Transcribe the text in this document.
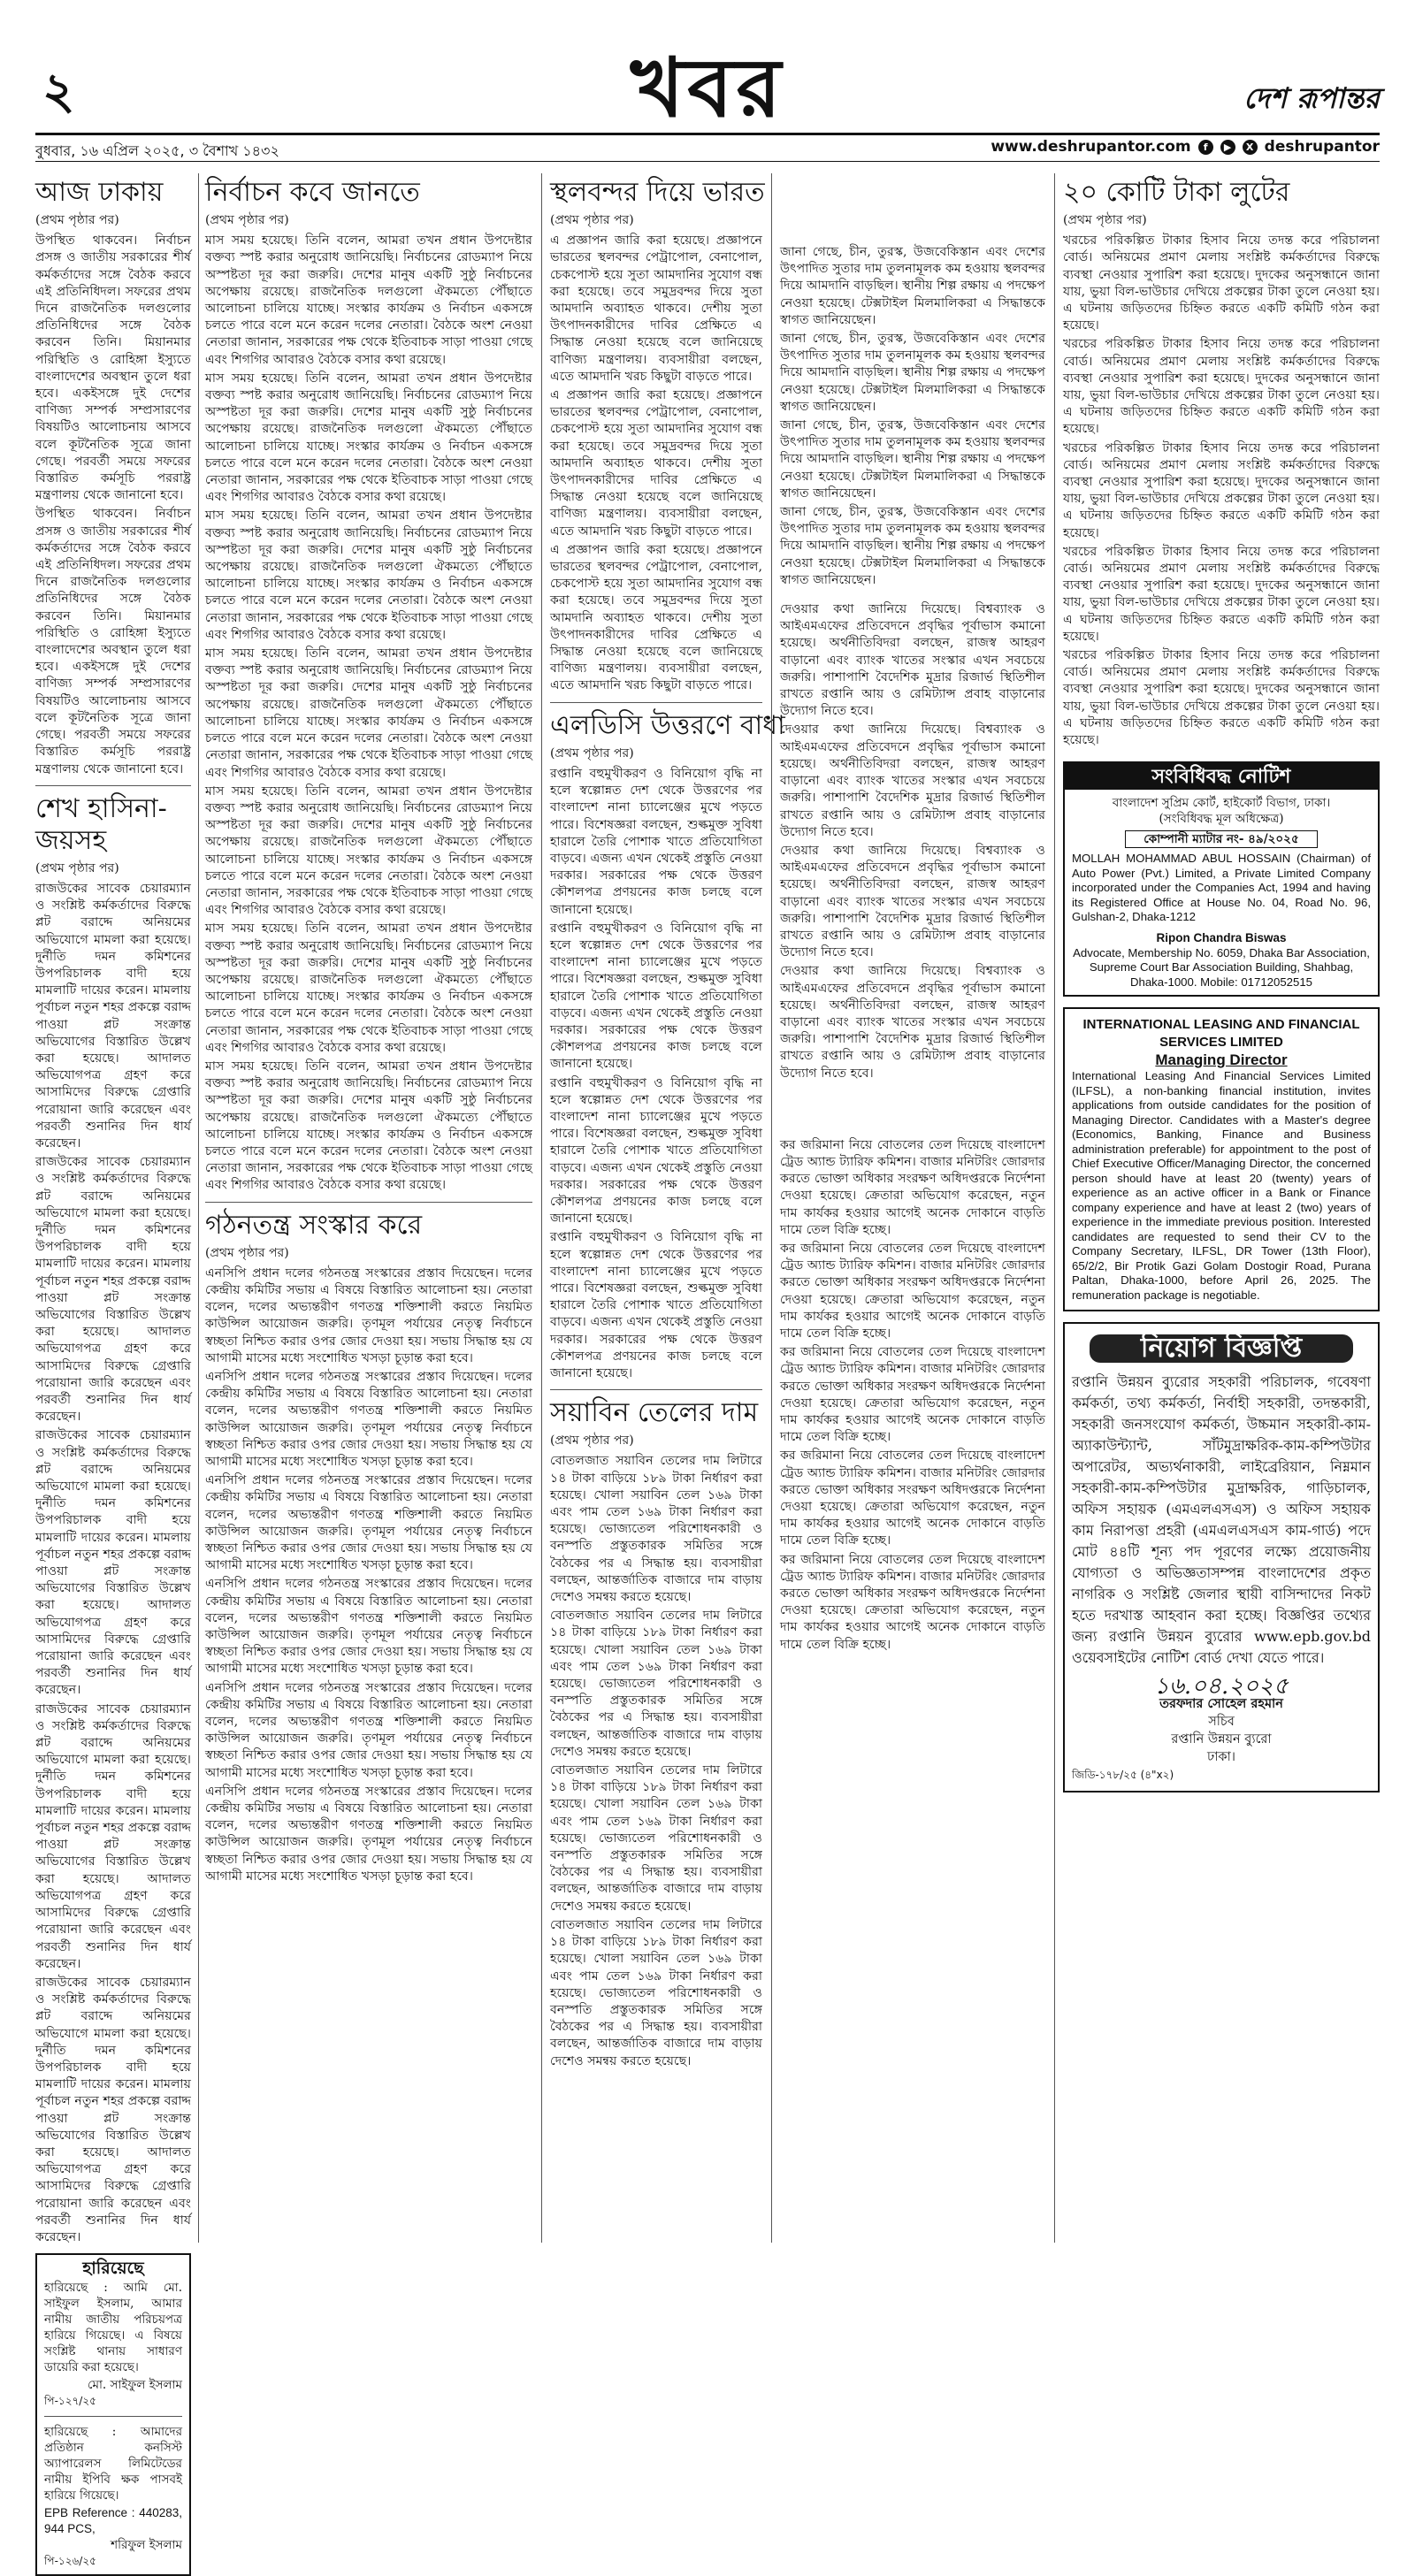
২	খবর	দেশ রূপান্তর
বুধবার, ১৬ এপ্রিল ২০২৫, ৩ বৈশাখ ১৪৩২	www.deshrupantor.com	f	▶	X deshrupantor
আজ ঢাকায়
(প্রথম পৃষ্ঠার পর)

উপস্থিত থাকবেন। নির্বাচন প্রসঙ্গ ও জাতীয় সরকারের শীর্ষ কর্মকর্তাদের সঙ্গে বৈঠক করবে এই প্রতিনিধিদল। সফরের প্রথম দিনে রাজনৈতিক দলগুলোর প্রতিনিধিদের সঙ্গে বৈঠক করবেন তিনি। মিয়ানমার পরিস্থিতি ও রোহিঙ্গা ইস্যুতে বাংলাদেশের অবস্থান তুলে ধরা হবে। একইসঙ্গে দুই দেশের বাণিজ্য সম্পর্ক সম্প্রসারণের বিষয়টিও আলোচনায় আসবে বলে কূটনৈতিক সূত্রে জানা গেছে। পরবর্তী সময়ে সফরের বিস্তারিত কর্মসূচি পররাষ্ট্র মন্ত্রণালয় থেকে জানানো হবে।

উপস্থিত থাকবেন। নির্বাচন প্রসঙ্গ ও জাতীয় সরকারের শীর্ষ কর্মকর্তাদের সঙ্গে বৈঠক করবে এই প্রতিনিধিদল। সফরের প্রথম দিনে রাজনৈতিক দলগুলোর প্রতিনিধিদের সঙ্গে বৈঠক করবেন তিনি। মিয়ানমার পরিস্থিতি ও রোহিঙ্গা ইস্যুতে বাংলাদেশের অবস্থান তুলে ধরা হবে। একইসঙ্গে দুই দেশের বাণিজ্য সম্পর্ক সম্প্রসারণের বিষয়টিও আলোচনায় আসবে বলে কূটনৈতিক সূত্রে জানা গেছে। পরবর্তী সময়ে সফরের বিস্তারিত কর্মসূচি পররাষ্ট্র মন্ত্রণালয় থেকে জানানো হবে।

শেখ হাসিনা-জয়সহ
(প্রথম পৃষ্ঠার পর)

রাজউকের সাবেক চেয়ারম্যান ও সংশ্লিষ্ট কর্মকর্তাদের বিরুদ্ধে প্লট বরাদ্দে অনিয়মের অভিযোগে মামলা করা হয়েছে। দুর্নীতি দমন কমিশনের উপপরিচালক বাদী হয়ে মামলাটি দায়ের করেন। মামলায় পূর্বাচল নতুন শহর প্রকল্পে বরাদ্দ পাওয়া প্লট সংক্রান্ত অভিযোগের বিস্তারিত উল্লেখ করা হয়েছে। আদালত অভিযোগপত্র গ্রহণ করে আসামিদের বিরুদ্ধে গ্রেপ্তারি পরোয়ানা জারি করেছেন এবং পরবর্তী শুনানির দিন ধার্য করেছেন।

রাজউকের সাবেক চেয়ারম্যান ও সংশ্লিষ্ট কর্মকর্তাদের বিরুদ্ধে প্লট বরাদ্দে অনিয়মের অভিযোগে মামলা করা হয়েছে। দুর্নীতি দমন কমিশনের উপপরিচালক বাদী হয়ে মামলাটি দায়ের করেন। মামলায় পূর্বাচল নতুন শহর প্রকল্পে বরাদ্দ পাওয়া প্লট সংক্রান্ত অভিযোগের বিস্তারিত উল্লেখ করা হয়েছে। আদালত অভিযোগপত্র গ্রহণ করে আসামিদের বিরুদ্ধে গ্রেপ্তারি পরোয়ানা জারি করেছেন এবং পরবর্তী শুনানির দিন ধার্য করেছেন।

রাজউকের সাবেক চেয়ারম্যান ও সংশ্লিষ্ট কর্মকর্তাদের বিরুদ্ধে প্লট বরাদ্দে অনিয়মের অভিযোগে মামলা করা হয়েছে। দুর্নীতি দমন কমিশনের উপপরিচালক বাদী হয়ে মামলাটি দায়ের করেন। মামলায় পূর্বাচল নতুন শহর প্রকল্পে বরাদ্দ পাওয়া প্লট সংক্রান্ত অভিযোগের বিস্তারিত উল্লেখ করা হয়েছে। আদালত অভিযোগপত্র গ্রহণ করে আসামিদের বিরুদ্ধে গ্রেপ্তারি পরোয়ানা জারি করেছেন এবং পরবর্তী শুনানির দিন ধার্য করেছেন।

রাজউকের সাবেক চেয়ারম্যান ও সংশ্লিষ্ট কর্মকর্তাদের বিরুদ্ধে প্লট বরাদ্দে অনিয়মের অভিযোগে মামলা করা হয়েছে। দুর্নীতি দমন কমিশনের উপপরিচালক বাদী হয়ে মামলাটি দায়ের করেন। মামলায় পূর্বাচল নতুন শহর প্রকল্পে বরাদ্দ পাওয়া প্লট সংক্রান্ত অভিযোগের বিস্তারিত উল্লেখ করা হয়েছে। আদালত অভিযোগপত্র গ্রহণ করে আসামিদের বিরুদ্ধে গ্রেপ্তারি পরোয়ানা জারি করেছেন এবং পরবর্তী শুনানির দিন ধার্য করেছেন।

রাজউকের সাবেক চেয়ারম্যান ও সংশ্লিষ্ট কর্মকর্তাদের বিরুদ্ধে প্লট বরাদ্দে অনিয়মের অভিযোগে মামলা করা হয়েছে। দুর্নীতি দমন কমিশনের উপপরিচালক বাদী হয়ে মামলাটি দায়ের করেন। মামলায় পূর্বাচল নতুন শহর প্রকল্পে বরাদ্দ পাওয়া প্লট সংক্রান্ত অভিযোগের বিস্তারিত উল্লেখ করা হয়েছে। আদালত অভিযোগপত্র গ্রহণ করে আসামিদের বিরুদ্ধে গ্রেপ্তারি পরোয়ানা জারি করেছেন এবং পরবর্তী শুনানির দিন ধার্য করেছেন।

হারিয়েছে

হারিয়েছে : আমি মো. সাইফুল ইসলাম, আমার নামীয় জাতীয় পরিচয়পত্র হারিয়ে গিয়েছে। এ বিষয়ে সংশ্লিষ্ট থানায় সাধারণ ডায়েরি করা হয়েছে।

মো. সাইফুল ইসলাম
পি-১২৭/২৫

হারিয়েছে : আমাদের প্রতিষ্ঠান কনসিস্ট অ্যাপারেলস লিমিটেডের নামীয় ইপিবি ক্ষক পাসবই হারিয়ে গিয়েছে।

EPB Reference : 440283, 944 PCS,
শরিফুল ইসলাম
পি-১২৬/২৫
নির্বাচন কবে জানতে
(প্রথম পৃষ্ঠার পর)

মাস সময় হয়েছে। তিনি বলেন, আমরা তখন প্রধান উপদেষ্টার বক্তব্য স্পষ্ট করার অনুরোধ জানিয়েছি। নির্বাচনের রোডম্যাপ নিয়ে অস্পষ্টতা দূর করা জরুরি। দেশের মানুষ একটি সুষ্ঠু নির্বাচনের অপেক্ষায় রয়েছে। রাজনৈতিক দলগুলো ঐকমত্যে পৌঁছাতে আলোচনা চালিয়ে যাচ্ছে। সংস্কার কার্যক্রম ও নির্বাচন একসঙ্গে চলতে পারে বলে মনে করেন দলের নেতারা। বৈঠকে অংশ নেওয়া নেতারা জানান, সরকারের পক্ষ থেকে ইতিবাচক সাড়া পাওয়া গেছে এবং শিগগির আবারও বৈঠকে বসার কথা রয়েছে।

মাস সময় হয়েছে। তিনি বলেন, আমরা তখন প্রধান উপদেষ্টার বক্তব্য স্পষ্ট করার অনুরোধ জানিয়েছি। নির্বাচনের রোডম্যাপ নিয়ে অস্পষ্টতা দূর করা জরুরি। দেশের মানুষ একটি সুষ্ঠু নির্বাচনের অপেক্ষায় রয়েছে। রাজনৈতিক দলগুলো ঐকমত্যে পৌঁছাতে আলোচনা চালিয়ে যাচ্ছে। সংস্কার কার্যক্রম ও নির্বাচন একসঙ্গে চলতে পারে বলে মনে করেন দলের নেতারা। বৈঠকে অংশ নেওয়া নেতারা জানান, সরকারের পক্ষ থেকে ইতিবাচক সাড়া পাওয়া গেছে এবং শিগগির আবারও বৈঠকে বসার কথা রয়েছে।

মাস সময় হয়েছে। তিনি বলেন, আমরা তখন প্রধান উপদেষ্টার বক্তব্য স্পষ্ট করার অনুরোধ জানিয়েছি। নির্বাচনের রোডম্যাপ নিয়ে অস্পষ্টতা দূর করা জরুরি। দেশের মানুষ একটি সুষ্ঠু নির্বাচনের অপেক্ষায় রয়েছে। রাজনৈতিক দলগুলো ঐকমত্যে পৌঁছাতে আলোচনা চালিয়ে যাচ্ছে। সংস্কার কার্যক্রম ও নির্বাচন একসঙ্গে চলতে পারে বলে মনে করেন দলের নেতারা। বৈঠকে অংশ নেওয়া নেতারা জানান, সরকারের পক্ষ থেকে ইতিবাচক সাড়া পাওয়া গেছে এবং শিগগির আবারও বৈঠকে বসার কথা রয়েছে।

মাস সময় হয়েছে। তিনি বলেন, আমরা তখন প্রধান উপদেষ্টার বক্তব্য স্পষ্ট করার অনুরোধ জানিয়েছি। নির্বাচনের রোডম্যাপ নিয়ে অস্পষ্টতা দূর করা জরুরি। দেশের মানুষ একটি সুষ্ঠু নির্বাচনের অপেক্ষায় রয়েছে। রাজনৈতিক দলগুলো ঐকমত্যে পৌঁছাতে আলোচনা চালিয়ে যাচ্ছে। সংস্কার কার্যক্রম ও নির্বাচন একসঙ্গে চলতে পারে বলে মনে করেন দলের নেতারা। বৈঠকে অংশ নেওয়া নেতারা জানান, সরকারের পক্ষ থেকে ইতিবাচক সাড়া পাওয়া গেছে এবং শিগগির আবারও বৈঠকে বসার কথা রয়েছে।

মাস সময় হয়েছে। তিনি বলেন, আমরা তখন প্রধান উপদেষ্টার বক্তব্য স্পষ্ট করার অনুরোধ জানিয়েছি। নির্বাচনের রোডম্যাপ নিয়ে অস্পষ্টতা দূর করা জরুরি। দেশের মানুষ একটি সুষ্ঠু নির্বাচনের অপেক্ষায় রয়েছে। রাজনৈতিক দলগুলো ঐকমত্যে পৌঁছাতে আলোচনা চালিয়ে যাচ্ছে। সংস্কার কার্যক্রম ও নির্বাচন একসঙ্গে চলতে পারে বলে মনে করেন দলের নেতারা। বৈঠকে অংশ নেওয়া নেতারা জানান, সরকারের পক্ষ থেকে ইতিবাচক সাড়া পাওয়া গেছে এবং শিগগির আবারও বৈঠকে বসার কথা রয়েছে।

মাস সময় হয়েছে। তিনি বলেন, আমরা তখন প্রধান উপদেষ্টার বক্তব্য স্পষ্ট করার অনুরোধ জানিয়েছি। নির্বাচনের রোডম্যাপ নিয়ে অস্পষ্টতা দূর করা জরুরি। দেশের মানুষ একটি সুষ্ঠু নির্বাচনের অপেক্ষায় রয়েছে। রাজনৈতিক দলগুলো ঐকমত্যে পৌঁছাতে আলোচনা চালিয়ে যাচ্ছে। সংস্কার কার্যক্রম ও নির্বাচন একসঙ্গে চলতে পারে বলে মনে করেন দলের নেতারা। বৈঠকে অংশ নেওয়া নেতারা জানান, সরকারের পক্ষ থেকে ইতিবাচক সাড়া পাওয়া গেছে এবং শিগগির আবারও বৈঠকে বসার কথা রয়েছে।

মাস সময় হয়েছে। তিনি বলেন, আমরা তখন প্রধান উপদেষ্টার বক্তব্য স্পষ্ট করার অনুরোধ জানিয়েছি। নির্বাচনের রোডম্যাপ নিয়ে অস্পষ্টতা দূর করা জরুরি। দেশের মানুষ একটি সুষ্ঠু নির্বাচনের অপেক্ষায় রয়েছে। রাজনৈতিক দলগুলো ঐকমত্যে পৌঁছাতে আলোচনা চালিয়ে যাচ্ছে। সংস্কার কার্যক্রম ও নির্বাচন একসঙ্গে চলতে পারে বলে মনে করেন দলের নেতারা। বৈঠকে অংশ নেওয়া নেতারা জানান, সরকারের পক্ষ থেকে ইতিবাচক সাড়া পাওয়া গেছে এবং শিগগির আবারও বৈঠকে বসার কথা রয়েছে।

গঠনতন্ত্র সংস্কার করে
(প্রথম পৃষ্ঠার পর)

এনসিপি প্রধান দলের গঠনতন্ত্র সংস্কারের প্রস্তাব দিয়েছেন। দলের কেন্দ্রীয় কমিটির সভায় এ বিষয়ে বিস্তারিত আলোচনা হয়। নেতারা বলেন, দলের অভ্যন্তরীণ গণতন্ত্র শক্তিশালী করতে নিয়মিত কাউন্সিল আয়োজন জরুরি। তৃণমূল পর্যায়ের নেতৃত্ব নির্বাচনে স্বচ্ছতা নিশ্চিত করার ওপর জোর দেওয়া হয়। সভায় সিদ্ধান্ত হয় যে আগামী মাসের মধ্যে সংশোধিত খসড়া চূড়ান্ত করা হবে।

এনসিপি প্রধান দলের গঠনতন্ত্র সংস্কারের প্রস্তাব দিয়েছেন। দলের কেন্দ্রীয় কমিটির সভায় এ বিষয়ে বিস্তারিত আলোচনা হয়। নেতারা বলেন, দলের অভ্যন্তরীণ গণতন্ত্র শক্তিশালী করতে নিয়মিত কাউন্সিল আয়োজন জরুরি। তৃণমূল পর্যায়ের নেতৃত্ব নির্বাচনে স্বচ্ছতা নিশ্চিত করার ওপর জোর দেওয়া হয়। সভায় সিদ্ধান্ত হয় যে আগামী মাসের মধ্যে সংশোধিত খসড়া চূড়ান্ত করা হবে।

এনসিপি প্রধান দলের গঠনতন্ত্র সংস্কারের প্রস্তাব দিয়েছেন। দলের কেন্দ্রীয় কমিটির সভায় এ বিষয়ে বিস্তারিত আলোচনা হয়। নেতারা বলেন, দলের অভ্যন্তরীণ গণতন্ত্র শক্তিশালী করতে নিয়মিত কাউন্সিল আয়োজন জরুরি। তৃণমূল পর্যায়ের নেতৃত্ব নির্বাচনে স্বচ্ছতা নিশ্চিত করার ওপর জোর দেওয়া হয়। সভায় সিদ্ধান্ত হয় যে আগামী মাসের মধ্যে সংশোধিত খসড়া চূড়ান্ত করা হবে।

এনসিপি প্রধান দলের গঠনতন্ত্র সংস্কারের প্রস্তাব দিয়েছেন। দলের কেন্দ্রীয় কমিটির সভায় এ বিষয়ে বিস্তারিত আলোচনা হয়। নেতারা বলেন, দলের অভ্যন্তরীণ গণতন্ত্র শক্তিশালী করতে নিয়মিত কাউন্সিল আয়োজন জরুরি। তৃণমূল পর্যায়ের নেতৃত্ব নির্বাচনে স্বচ্ছতা নিশ্চিত করার ওপর জোর দেওয়া হয়। সভায় সিদ্ধান্ত হয় যে আগামী মাসের মধ্যে সংশোধিত খসড়া চূড়ান্ত করা হবে।

এনসিপি প্রধান দলের গঠনতন্ত্র সংস্কারের প্রস্তাব দিয়েছেন। দলের কেন্দ্রীয় কমিটির সভায় এ বিষয়ে বিস্তারিত আলোচনা হয়। নেতারা বলেন, দলের অভ্যন্তরীণ গণতন্ত্র শক্তিশালী করতে নিয়মিত কাউন্সিল আয়োজন জরুরি। তৃণমূল পর্যায়ের নেতৃত্ব নির্বাচনে স্বচ্ছতা নিশ্চিত করার ওপর জোর দেওয়া হয়। সভায় সিদ্ধান্ত হয় যে আগামী মাসের মধ্যে সংশোধিত খসড়া চূড়ান্ত করা হবে।

এনসিপি প্রধান দলের গঠনতন্ত্র সংস্কারের প্রস্তাব দিয়েছেন। দলের কেন্দ্রীয় কমিটির সভায় এ বিষয়ে বিস্তারিত আলোচনা হয়। নেতারা বলেন, দলের অভ্যন্তরীণ গণতন্ত্র শক্তিশালী করতে নিয়মিত কাউন্সিল আয়োজন জরুরি। তৃণমূল পর্যায়ের নেতৃত্ব নির্বাচনে স্বচ্ছতা নিশ্চিত করার ওপর জোর দেওয়া হয়। সভায় সিদ্ধান্ত হয় যে আগামী মাসের মধ্যে সংশোধিত খসড়া চূড়ান্ত করা হবে।

স্থলবন্দর দিয়ে ভারত
(প্রথম পৃষ্ঠার পর)

এ প্রজ্ঞাপন জারি করা হয়েছে। প্রজ্ঞাপনে ভারতের স্থলবন্দর পেট্রাপোল, বেনাপোল, চেকপোস্ট হয়ে সুতা আমদানির সুযোগ বন্ধ করা হয়েছে। তবে সমুদ্রবন্দর দিয়ে সুতা আমদানি অব্যাহত থাকবে। দেশীয় সুতা উৎপাদনকারীদের দাবির প্রেক্ষিতে এ সিদ্ধান্ত নেওয়া হয়েছে বলে জানিয়েছে বাণিজ্য মন্ত্রণালয়। ব্যবসায়ীরা বলছেন, এতে আমদানি খরচ কিছুটা বাড়তে পারে।

এ প্রজ্ঞাপন জারি করা হয়েছে। প্রজ্ঞাপনে ভারতের স্থলবন্দর পেট্রাপোল, বেনাপোল, চেকপোস্ট হয়ে সুতা আমদানির সুযোগ বন্ধ করা হয়েছে। তবে সমুদ্রবন্দর দিয়ে সুতা আমদানি অব্যাহত থাকবে। দেশীয় সুতা উৎপাদনকারীদের দাবির প্রেক্ষিতে এ সিদ্ধান্ত নেওয়া হয়েছে বলে জানিয়েছে বাণিজ্য মন্ত্রণালয়। ব্যবসায়ীরা বলছেন, এতে আমদানি খরচ কিছুটা বাড়তে পারে।

এ প্রজ্ঞাপন জারি করা হয়েছে। প্রজ্ঞাপনে ভারতের স্থলবন্দর পেট্রাপোল, বেনাপোল, চেকপোস্ট হয়ে সুতা আমদানির সুযোগ বন্ধ করা হয়েছে। তবে সমুদ্রবন্দর দিয়ে সুতা আমদানি অব্যাহত থাকবে। দেশীয় সুতা উৎপাদনকারীদের দাবির প্রেক্ষিতে এ সিদ্ধান্ত নেওয়া হয়েছে বলে জানিয়েছে বাণিজ্য মন্ত্রণালয়। ব্যবসায়ীরা বলছেন, এতে আমদানি খরচ কিছুটা বাড়তে পারে।

এলডিসি উত্তরণে বাধা
(প্রথম পৃষ্ঠার পর)

রপ্তানি বহুমুখীকরণ ও বিনিয়োগ বৃদ্ধি না হলে স্বল্পোন্নত দেশ থেকে উত্তরণের পর বাংলাদেশ নানা চ্যালেঞ্জের মুখে পড়তে পারে। বিশেষজ্ঞরা বলছেন, শুল্কমুক্ত সুবিধা হারালে তৈরি পোশাক খাতে প্রতিযোগিতা বাড়বে। এজন্য এখন থেকেই প্রস্তুতি নেওয়া দরকার। সরকারের পক্ষ থেকে উত্তরণ কৌশলপত্র প্রণয়নের কাজ চলছে বলে জানানো হয়েছে।

রপ্তানি বহুমুখীকরণ ও বিনিয়োগ বৃদ্ধি না হলে স্বল্পোন্নত দেশ থেকে উত্তরণের পর বাংলাদেশ নানা চ্যালেঞ্জের মুখে পড়তে পারে। বিশেষজ্ঞরা বলছেন, শুল্কমুক্ত সুবিধা হারালে তৈরি পোশাক খাতে প্রতিযোগিতা বাড়বে। এজন্য এখন থেকেই প্রস্তুতি নেওয়া দরকার। সরকারের পক্ষ থেকে উত্তরণ কৌশলপত্র প্রণয়নের কাজ চলছে বলে জানানো হয়েছে।

রপ্তানি বহুমুখীকরণ ও বিনিয়োগ বৃদ্ধি না হলে স্বল্পোন্নত দেশ থেকে উত্তরণের পর বাংলাদেশ নানা চ্যালেঞ্জের মুখে পড়তে পারে। বিশেষজ্ঞরা বলছেন, শুল্কমুক্ত সুবিধা হারালে তৈরি পোশাক খাতে প্রতিযোগিতা বাড়বে। এজন্য এখন থেকেই প্রস্তুতি নেওয়া দরকার। সরকারের পক্ষ থেকে উত্তরণ কৌশলপত্র প্রণয়নের কাজ চলছে বলে জানানো হয়েছে।

রপ্তানি বহুমুখীকরণ ও বিনিয়োগ বৃদ্ধি না হলে স্বল্পোন্নত দেশ থেকে উত্তরণের পর বাংলাদেশ নানা চ্যালেঞ্জের মুখে পড়তে পারে। বিশেষজ্ঞরা বলছেন, শুল্কমুক্ত সুবিধা হারালে তৈরি পোশাক খাতে প্রতিযোগিতা বাড়বে। এজন্য এখন থেকেই প্রস্তুতি নেওয়া দরকার। সরকারের পক্ষ থেকে উত্তরণ কৌশলপত্র প্রণয়নের কাজ চলছে বলে জানানো হয়েছে।

সয়াবিন তেলের দাম
(প্রথম পৃষ্ঠার পর)

বোতলজাত সয়াবিন তেলের দাম লিটারে ১৪ টাকা বাড়িয়ে ১৮৯ টাকা নির্ধারণ করা হয়েছে। খোলা সয়াবিন তেল ১৬৯ টাকা এবং পাম তেল ১৬৯ টাকা নির্ধারণ করা হয়েছে। ভোজ্যতেল পরিশোধনকারী ও বনস্পতি প্রস্তুতকারক সমিতির সঙ্গে বৈঠকের পর এ সিদ্ধান্ত হয়। ব্যবসায়ীরা বলছেন, আন্তর্জাতিক বাজারে দাম বাড়ায় দেশেও সমন্বয় করতে হয়েছে।

বোতলজাত সয়াবিন তেলের দাম লিটারে ১৪ টাকা বাড়িয়ে ১৮৯ টাকা নির্ধারণ করা হয়েছে। খোলা সয়াবিন তেল ১৬৯ টাকা এবং পাম তেল ১৬৯ টাকা নির্ধারণ করা হয়েছে। ভোজ্যতেল পরিশোধনকারী ও বনস্পতি প্রস্তুতকারক সমিতির সঙ্গে বৈঠকের পর এ সিদ্ধান্ত হয়। ব্যবসায়ীরা বলছেন, আন্তর্জাতিক বাজারে দাম বাড়ায় দেশেও সমন্বয় করতে হয়েছে।

বোতলজাত সয়াবিন তেলের দাম লিটারে ১৪ টাকা বাড়িয়ে ১৮৯ টাকা নির্ধারণ করা হয়েছে। খোলা সয়াবিন তেল ১৬৯ টাকা এবং পাম তেল ১৬৯ টাকা নির্ধারণ করা হয়েছে। ভোজ্যতেল পরিশোধনকারী ও বনস্পতি প্রস্তুতকারক সমিতির সঙ্গে বৈঠকের পর এ সিদ্ধান্ত হয়। ব্যবসায়ীরা বলছেন, আন্তর্জাতিক বাজারে দাম বাড়ায় দেশেও সমন্বয় করতে হয়েছে।

বোতলজাত সয়াবিন তেলের দাম লিটারে ১৪ টাকা বাড়িয়ে ১৮৯ টাকা নির্ধারণ করা হয়েছে। খোলা সয়াবিন তেল ১৬৯ টাকা এবং পাম তেল ১৬৯ টাকা নির্ধারণ করা হয়েছে। ভোজ্যতেল পরিশোধনকারী ও বনস্পতি প্রস্তুতকারক সমিতির সঙ্গে বৈঠকের পর এ সিদ্ধান্ত হয়। ব্যবসায়ীরা বলছেন, আন্তর্জাতিক বাজারে দাম বাড়ায় দেশেও সমন্বয় করতে হয়েছে।

জানা গেছে, চীন, তুরস্ক, উজবেকিস্তান এবং দেশের উৎপাদিত সুতার দাম তুলনামূলক কম হওয়ায় স্থলবন্দর দিয়ে আমদানি বাড়ছিল। স্থানীয় শিল্প রক্ষায় এ পদক্ষেপ নেওয়া হয়েছে। টেক্সটাইল মিলমালিকরা এ সিদ্ধান্তকে স্বাগত জানিয়েছেন।

জানা গেছে, চীন, তুরস্ক, উজবেকিস্তান এবং দেশের উৎপাদিত সুতার দাম তুলনামূলক কম হওয়ায় স্থলবন্দর দিয়ে আমদানি বাড়ছিল। স্থানীয় শিল্প রক্ষায় এ পদক্ষেপ নেওয়া হয়েছে। টেক্সটাইল মিলমালিকরা এ সিদ্ধান্তকে স্বাগত জানিয়েছেন।

জানা গেছে, চীন, তুরস্ক, উজবেকিস্তান এবং দেশের উৎপাদিত সুতার দাম তুলনামূলক কম হওয়ায় স্থলবন্দর দিয়ে আমদানি বাড়ছিল। স্থানীয় শিল্প রক্ষায় এ পদক্ষেপ নেওয়া হয়েছে। টেক্সটাইল মিলমালিকরা এ সিদ্ধান্তকে স্বাগত জানিয়েছেন।

জানা গেছে, চীন, তুরস্ক, উজবেকিস্তান এবং দেশের উৎপাদিত সুতার দাম তুলনামূলক কম হওয়ায় স্থলবন্দর দিয়ে আমদানি বাড়ছিল। স্থানীয় শিল্প রক্ষায় এ পদক্ষেপ নেওয়া হয়েছে। টেক্সটাইল মিলমালিকরা এ সিদ্ধান্তকে স্বাগত জানিয়েছেন।

দেওয়ার কথা জানিয়ে দিয়েছে। বিশ্বব্যাংক ও আইএমএফের প্রতিবেদনে প্রবৃদ্ধির পূর্বাভাস কমানো হয়েছে। অর্থনীতিবিদরা বলছেন, রাজস্ব আহরণ বাড়ানো এবং ব্যাংক খাতের সংস্কার এখন সবচেয়ে জরুরি। পাশাপাশি বৈদেশিক মুদ্রার রিজার্ভ স্থিতিশীল রাখতে রপ্তানি আয় ও রেমিট্যান্স প্রবাহ বাড়ানোর উদ্যোগ নিতে হবে।

দেওয়ার কথা জানিয়ে দিয়েছে। বিশ্বব্যাংক ও আইএমএফের প্রতিবেদনে প্রবৃদ্ধির পূর্বাভাস কমানো হয়েছে। অর্থনীতিবিদরা বলছেন, রাজস্ব আহরণ বাড়ানো এবং ব্যাংক খাতের সংস্কার এখন সবচেয়ে জরুরি। পাশাপাশি বৈদেশিক মুদ্রার রিজার্ভ স্থিতিশীল রাখতে রপ্তানি আয় ও রেমিট্যান্স প্রবাহ বাড়ানোর উদ্যোগ নিতে হবে।

দেওয়ার কথা জানিয়ে দিয়েছে। বিশ্বব্যাংক ও আইএমএফের প্রতিবেদনে প্রবৃদ্ধির পূর্বাভাস কমানো হয়েছে। অর্থনীতিবিদরা বলছেন, রাজস্ব আহরণ বাড়ানো এবং ব্যাংক খাতের সংস্কার এখন সবচেয়ে জরুরি। পাশাপাশি বৈদেশিক মুদ্রার রিজার্ভ স্থিতিশীল রাখতে রপ্তানি আয় ও রেমিট্যান্স প্রবাহ বাড়ানোর উদ্যোগ নিতে হবে।

দেওয়ার কথা জানিয়ে দিয়েছে। বিশ্বব্যাংক ও আইএমএফের প্রতিবেদনে প্রবৃদ্ধির পূর্বাভাস কমানো হয়েছে। অর্থনীতিবিদরা বলছেন, রাজস্ব আহরণ বাড়ানো এবং ব্যাংক খাতের সংস্কার এখন সবচেয়ে জরুরি। পাশাপাশি বৈদেশিক মুদ্রার রিজার্ভ স্থিতিশীল রাখতে রপ্তানি আয় ও রেমিট্যান্স প্রবাহ বাড়ানোর উদ্যোগ নিতে হবে।

কর জরিমানা নিয়ে বোতলের তেল দিয়েছে বাংলাদেশ ট্রেড অ্যান্ড ট্যারিফ কমিশন। বাজার মনিটরিং জোরদার করতে ভোক্তা অধিকার সংরক্ষণ অধিদপ্তরকে নির্দেশনা দেওয়া হয়েছে। ক্রেতারা অভিযোগ করেছেন, নতুন দাম কার্যকর হওয়ার আগেই অনেক দোকানে বাড়তি দামে তেল বিক্রি হচ্ছে।

কর জরিমানা নিয়ে বোতলের তেল দিয়েছে বাংলাদেশ ট্রেড অ্যান্ড ট্যারিফ কমিশন। বাজার মনিটরিং জোরদার করতে ভোক্তা অধিকার সংরক্ষণ অধিদপ্তরকে নির্দেশনা দেওয়া হয়েছে। ক্রেতারা অভিযোগ করেছেন, নতুন দাম কার্যকর হওয়ার আগেই অনেক দোকানে বাড়তি দামে তেল বিক্রি হচ্ছে।

কর জরিমানা নিয়ে বোতলের তেল দিয়েছে বাংলাদেশ ট্রেড অ্যান্ড ট্যারিফ কমিশন। বাজার মনিটরিং জোরদার করতে ভোক্তা অধিকার সংরক্ষণ অধিদপ্তরকে নির্দেশনা দেওয়া হয়েছে। ক্রেতারা অভিযোগ করেছেন, নতুন দাম কার্যকর হওয়ার আগেই অনেক দোকানে বাড়তি দামে তেল বিক্রি হচ্ছে।

কর জরিমানা নিয়ে বোতলের তেল দিয়েছে বাংলাদেশ ট্রেড অ্যান্ড ট্যারিফ কমিশন। বাজার মনিটরিং জোরদার করতে ভোক্তা অধিকার সংরক্ষণ অধিদপ্তরকে নির্দেশনা দেওয়া হয়েছে। ক্রেতারা অভিযোগ করেছেন, নতুন দাম কার্যকর হওয়ার আগেই অনেক দোকানে বাড়তি দামে তেল বিক্রি হচ্ছে।

কর জরিমানা নিয়ে বোতলের তেল দিয়েছে বাংলাদেশ ট্রেড অ্যান্ড ট্যারিফ কমিশন। বাজার মনিটরিং জোরদার করতে ভোক্তা অধিকার সংরক্ষণ অধিদপ্তরকে নির্দেশনা দেওয়া হয়েছে। ক্রেতারা অভিযোগ করেছেন, নতুন দাম কার্যকর হওয়ার আগেই অনেক দোকানে বাড়তি দামে তেল বিক্রি হচ্ছে।

২০ কোটি টাকা লুটের
(প্রথম পৃষ্ঠার পর)

খরচের পরিকল্পিত টাকার হিসাব নিয়ে তদন্ত করে পরিচালনা বোর্ড। অনিয়মের প্রমাণ মেলায় সংশ্লিষ্ট কর্মকর্তাদের বিরুদ্ধে ব্যবস্থা নেওয়ার সুপারিশ করা হয়েছে। দুদকের অনুসন্ধানে জানা যায়, ভুয়া বিল-ভাউচার দেখিয়ে প্রকল্পের টাকা তুলে নেওয়া হয়। এ ঘটনায় জড়িতদের চিহ্নিত করতে একটি কমিটি গঠন করা হয়েছে।

খরচের পরিকল্পিত টাকার হিসাব নিয়ে তদন্ত করে পরিচালনা বোর্ড। অনিয়মের প্রমাণ মেলায় সংশ্লিষ্ট কর্মকর্তাদের বিরুদ্ধে ব্যবস্থা নেওয়ার সুপারিশ করা হয়েছে। দুদকের অনুসন্ধানে জানা যায়, ভুয়া বিল-ভাউচার দেখিয়ে প্রকল্পের টাকা তুলে নেওয়া হয়। এ ঘটনায় জড়িতদের চিহ্নিত করতে একটি কমিটি গঠন করা হয়েছে।

খরচের পরিকল্পিত টাকার হিসাব নিয়ে তদন্ত করে পরিচালনা বোর্ড। অনিয়মের প্রমাণ মেলায় সংশ্লিষ্ট কর্মকর্তাদের বিরুদ্ধে ব্যবস্থা নেওয়ার সুপারিশ করা হয়েছে। দুদকের অনুসন্ধানে জানা যায়, ভুয়া বিল-ভাউচার দেখিয়ে প্রকল্পের টাকা তুলে নেওয়া হয়। এ ঘটনায় জড়িতদের চিহ্নিত করতে একটি কমিটি গঠন করা হয়েছে।

খরচের পরিকল্পিত টাকার হিসাব নিয়ে তদন্ত করে পরিচালনা বোর্ড। অনিয়মের প্রমাণ মেলায় সংশ্লিষ্ট কর্মকর্তাদের বিরুদ্ধে ব্যবস্থা নেওয়ার সুপারিশ করা হয়েছে। দুদকের অনুসন্ধানে জানা যায়, ভুয়া বিল-ভাউচার দেখিয়ে প্রকল্পের টাকা তুলে নেওয়া হয়। এ ঘটনায় জড়িতদের চিহ্নিত করতে একটি কমিটি গঠন করা হয়েছে।

খরচের পরিকল্পিত টাকার হিসাব নিয়ে তদন্ত করে পরিচালনা বোর্ড। অনিয়মের প্রমাণ মেলায় সংশ্লিষ্ট কর্মকর্তাদের বিরুদ্ধে ব্যবস্থা নেওয়ার সুপারিশ করা হয়েছে। দুদকের অনুসন্ধানে জানা যায়, ভুয়া বিল-ভাউচার দেখিয়ে প্রকল্পের টাকা তুলে নেওয়া হয়। এ ঘটনায় জড়িতদের চিহ্নিত করতে একটি কমিটি গঠন করা হয়েছে।

সংবিধিবদ্ধ নোটিশ
বাংলাদেশ সুপ্রিম কোর্ট, হাইকোর্ট বিভাগ, ঢাকা।
(সংবিধিবদ্ধ মূল অধিক্ষেত্র)
কোম্পানী ম্যাটার নং- ৪৯/২০২৫
MOLLAH MOHAMMAD ABUL HOSSAIN (Chairman) of Auto Power (Pvt.) Limited, a Private Limited Company incorporated under the Companies Act, 1994 and having its Registered Office at House No. 04, Road No. 96, Gulshan-2, Dhaka-1212
Ripon Chandra Biswas
Advocate, Membership No. 6059, Dhaka Bar Association, Supreme Court Bar Association Building, Shahbag, Dhaka-1000. Mobile: 01712052515
INTERNATIONAL LEASING AND FINANCIAL SERVICES LIMITED
Managing Director
International Leasing And Financial Services Limited (ILFSL), a non-banking financial institution, invites applications from outside candidates for the position of Managing Director. Candidates with a Master's degree (Economics, Banking, Finance and Business administration preferable) for appointment to the post of Chief Executive Officer/Managing Director, the concerned person should have at least 20 (twenty) years of experience as an active officer in a Bank or Finance company experience and have at least 2 (two) years of experience in the immediate previous position. Interested candidates are requested to send their CV to the Company Secretary, ILFSL, DR Tower (13th Floor), 65/2/2, Bir Protik Gazi Golam Dostogir Road, Purana Paltan, Dhaka-1000, before April 26, 2025. The remuneration package is negotiable.
নিয়োগ বিজ্ঞপ্তি
রপ্তানি উন্নয়ন ব্যুরোর সহকারী পরিচালক, গবেষণা কর্মকর্তা, তথ্য কর্মকর্তা, নির্বাহী সহকারী, তদন্তকারী, সহকারী জনসংযোগ কর্মকর্তা, উচ্চমান সহকারী-কাম-অ্যাকাউন্ট্যান্ট, সাঁটমুদ্রাক্ষরিক-কাম-কম্পিউটার অপারেটর, অভ্যর্থনাকারী, লাইব্রেরিয়ান, নিম্নমান সহকারী-কাম-কম্পিউটার মুদ্রাক্ষরিক, গাড়িচালক, অফিস সহায়ক (এমএলএসএস) ও অফিস সহায়ক কাম নিরাপত্তা প্রহরী (এমএলএসএস কাম-গার্ড) পদে মোট ৪৪টি শূন্য পদ পূরণের লক্ষ্যে প্রয়োজনীয় যোগ্যতা ও অভিজ্ঞতাসম্পন্ন বাংলাদেশের প্রকৃত নাগরিক ও সংশ্লিষ্ট জেলার স্থায়ী বাসিন্দাদের নিকট হতে দরখাস্ত আহবান করা হচ্ছে। বিজ্ঞপ্তির তথ্যের জন্য রপ্তানি উন্নয়ন ব্যুরোর www.epb.gov.bd ওয়েবসাইটের নোটিশ বোর্ড দেখা যেতে পারে।
১৬.০৪.২০২৫
তরফদার সোহেল রহমান
সচিব
রপ্তানি উন্নয়ন ব্যুরো
ঢাকা।
জিডি-১৭৮/২৫ (৪"x২)
